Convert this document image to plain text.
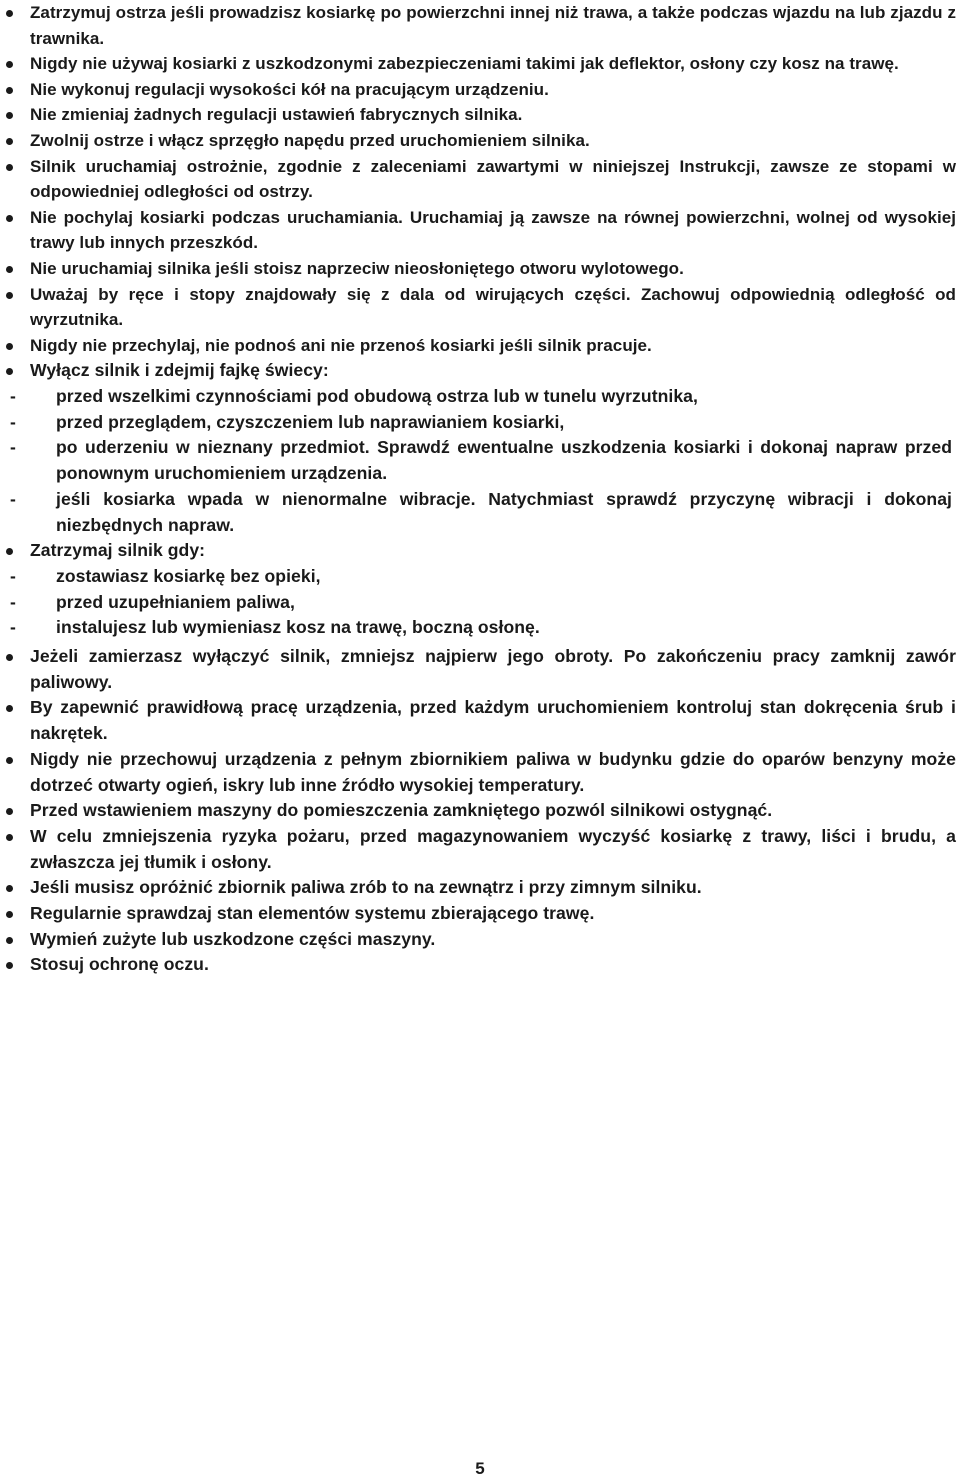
Zatrzymuj ostrza jeśli prowadzisz kosiarkę po powierzchni innej niż trawa, a także podczas wjazdu na lub zjazdu z trawnika.
Nigdy nie używaj kosiarki z uszkodzonymi zabezpieczeniami takimi jak deflektor, osłony czy kosz na trawę.
Nie wykonuj regulacji wysokości kół na pracującym urządzeniu.
Nie zmieniaj żadnych regulacji ustawień fabrycznych silnika.
Zwolnij ostrze i włącz sprzęgło napędu przed uruchomieniem silnika.
Silnik uruchamiaj ostrożnie, zgodnie z zaleceniami zawartymi w niniejszej Instrukcji, zawsze ze stopami w odpowiedniej odległości od ostrzy.
Nie pochylaj kosiarki podczas uruchamiania. Uruchamiaj ją zawsze na równej powierzchni, wolnej od wysokiej trawy lub innych przeszkód.
Nie uruchamiaj silnika jeśli stoisz naprzeciw nieosłoniętego otworu wylotowego.
Uważaj by ręce i stopy znajdowały się z dala od wirujących części. Zachowuj odpowiednią odległość od wyrzutnika.
Nigdy nie przechylaj, nie podnoś ani nie przenoś kosiarki jeśli silnik pracuje.
Wyłącz silnik i zdejmij fajkę świecy:
- przed wszelkimi czynnościami pod obudową ostrza lub w tunelu wyrzutnika,
- przed przeglądem, czyszczeniem lub naprawianiem kosiarki,
- po uderzeniu w nieznany przedmiot. Sprawdź ewentualne uszkodzenia kosiarki i dokonaj napraw przed ponownym uruchomieniem urządzenia.
- jeśli kosiarka wpada w nienormalne wibracje. Natychmiast sprawdź przyczynę wibracji i dokonaj niezbędnych napraw.
Zatrzymaj silnik gdy:
- zostawiasz kosiarkę bez opieki,
- przed uzupełnianiem paliwa,
- instalujesz lub wymieniasz kosz na trawę, boczną osłonę.
Jeżeli zamierzasz wyłączyć silnik, zmniejsz najpierw jego obroty. Po zakończeniu pracy zamknij zawór paliwowy.
By zapewnić prawidłową pracę urządzenia, przed każdym uruchomieniem kontroluj stan dokręcenia śrub i nakrętek.
Nigdy nie przechowuj urządzenia z pełnym zbiornikiem paliwa w budynku gdzie do oparów benzyny może dotrzeć otwarty ogień, iskry lub inne źródło wysokiej temperatury.
Przed wstawieniem maszyny do pomieszczenia zamkniętego pozwól silnikowi ostygnąć.
W celu zmniejszenia ryzyka pożaru, przed magazynowaniem wyczyść kosiarkę z trawy, liści i brudu, a zwłaszcza jej tłumik i osłony.
Jeśli musisz opróżnić zbiornik paliwa zrób to na zewnątrz i przy zimnym silniku.
Regularnie sprawdzaj stan elementów systemu zbierającego trawę.
Wymień zużyte lub uszkodzone części maszyny.
Stosuj ochronę oczu.
5
